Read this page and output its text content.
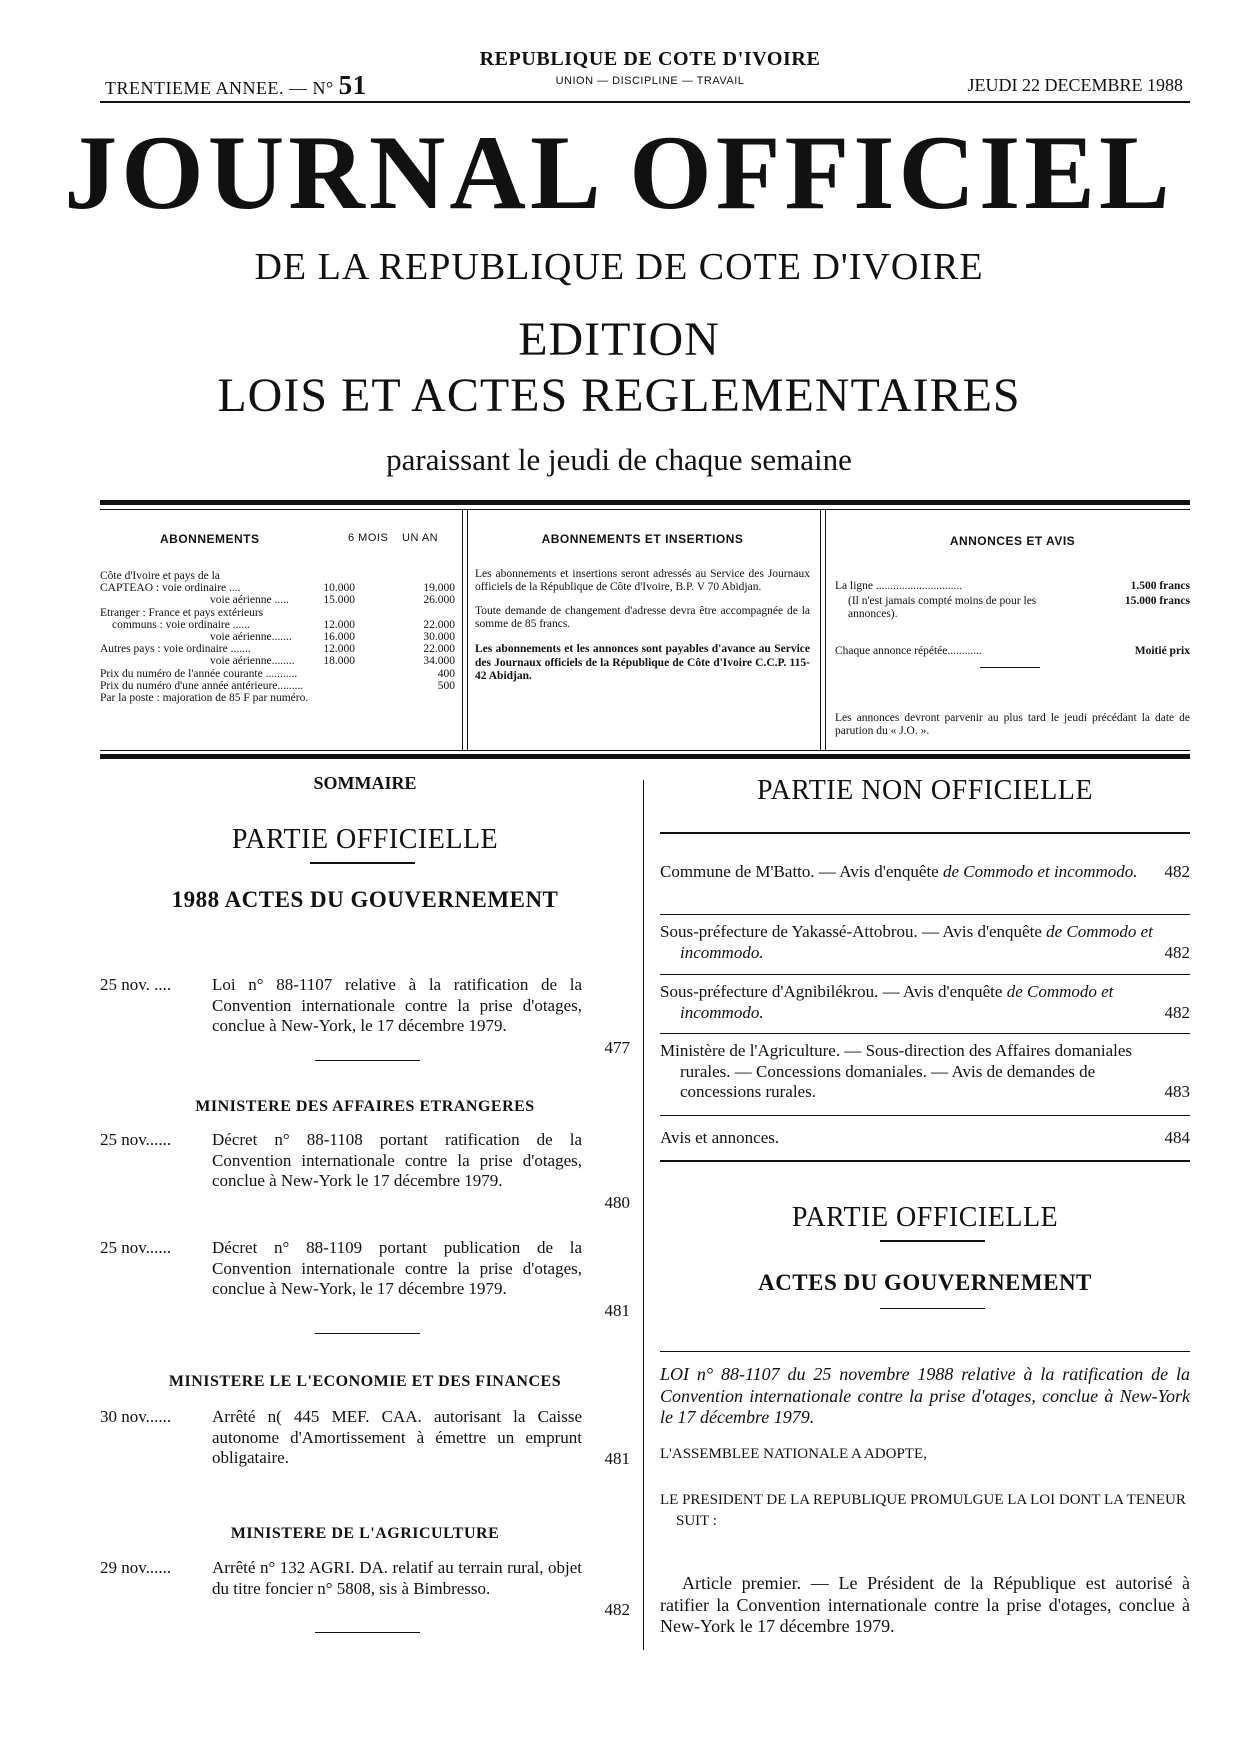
TRENTIEME ANNEE. — N° 51
REPUBLIQUE DE COTE D'IVOIRE
UNION — DISCIPLINE — TRAVAIL	JEUDI 22 DECEMBRE 1988
JOURNAL OFFICIEL
DE LA REPUBLIQUE DE COTE D'IVOIRE
EDITION
LOIS ET ACTES REGLEMENTAIRES
paraissant le jeudi de chaque semaine
ABONNEMENTS	6 MOIS UN AN
Côte d'Ivoire et pays de la
CAPTEAO : voie ordinaire ....	10.000	19.000
voie aérienne .....	15.000	26.000
Etranger : France et pays extérieurs
communs : voie ordinaire ......	12.000	22.000
voie aérienne.......	16.000	30.000
Autres pays : voie ordinaire .......	12.000	22.000
voie aérienne........	18.000	34.000
Prix du numéro de l'année courante ...........	400
Prix du numéro d'une année antérieure.........	500
Par la poste : majoration de 85 F par numéro.
ABONNEMENTS ET INSERTIONS
Les abonnements et insertions seront adressés au Service des Journaux officiels de la République de Côte d'Ivoire, B.P. V 70 Abidjan.
Toute demande de changement d'adresse devra être accompagnée de la somme de 85 francs.
Les abonnements et les annonces sont payables d'avance au Service des Journaux officiels de la République de Côte d'Ivoire C.C.P. 115-42 Abidjan.
ANNONCES ET AVIS
La ligne ..............................	1.500 francs
(Il n'est jamais compté moins de pour les annonces).
15.000 francs
Chaque annonce répétée............	Moitié prix
Les annonces devront parvenir au plus tard le jeudi précédant la date de parution du « J.O. ».
SOMMAIRE
PARTIE OFFICIELLE
1988 ACTES DU GOUVERNEMENT
25 nov. .... Loi n° 88-1107 relative à la ratification de la Convention internationale contre la prise d'otages, conclue à New-York, le 17 décembre 1979.
477
MINISTERE DES AFFAIRES ETRANGERES
25 nov...... Décret n° 88-1108 portant ratification de la Convention internationale contre la prise d'otages, conclue à New-York le 17 décembre 1979.
480
25 nov...... Décret n° 88-1109 portant publication de la Convention internationale contre la prise d'otages, conclue à New-York, le 17 décembre 1979.
481
MINISTERE LE L'ECONOMIE ET DES FINANCES
30 nov...... Arrêté n( 445 MEF. CAA. autorisant la Caisse autonome d'Amortissement à émettre un emprunt obligataire.	481
MINISTERE DE L'AGRICULTURE
29 nov...... Arrêté n° 132 AGRI. DA. relatif au terrain rural, objet du titre foncier n° 5808, sis à Bimbresso.
482
PARTIE NON OFFICIELLE
Commune de M'Batto. — Avis d'enquête de Commodo et incommodo.	482
Sous-préfecture de Yakassé-Attobrou. — Avis d'enquête de Commodo et incommodo.	482
Sous-préfecture d'Agnibilékrou. — Avis d'enquête de Commodo et incommodo.	482
Ministère de l'Agriculture. — Sous-direction des Affaires domaniales rurales. — Concessions domaniales. — Avis de demandes de concessions rurales.	483
Avis et annonces.	484
PARTIE OFFICIELLE
ACTES DU GOUVERNEMENT
LOI n° 88-1107 du 25 novembre 1988 relative à la ratification de la Convention internationale contre la prise d'otages, conclue à New-York le 17 décembre 1979.
L'ASSEMBLEE NATIONALE A ADOPTE,
LE PRESIDENT DE LA REPUBLIQUE PROMULGUE LA LOI DONT LA TENEUR SUIT :
Article premier. — Le Président de la République est autorisé à ratifier la Convention internationale contre la prise d'otages, conclue à New-York le 17 décembre 1979.
